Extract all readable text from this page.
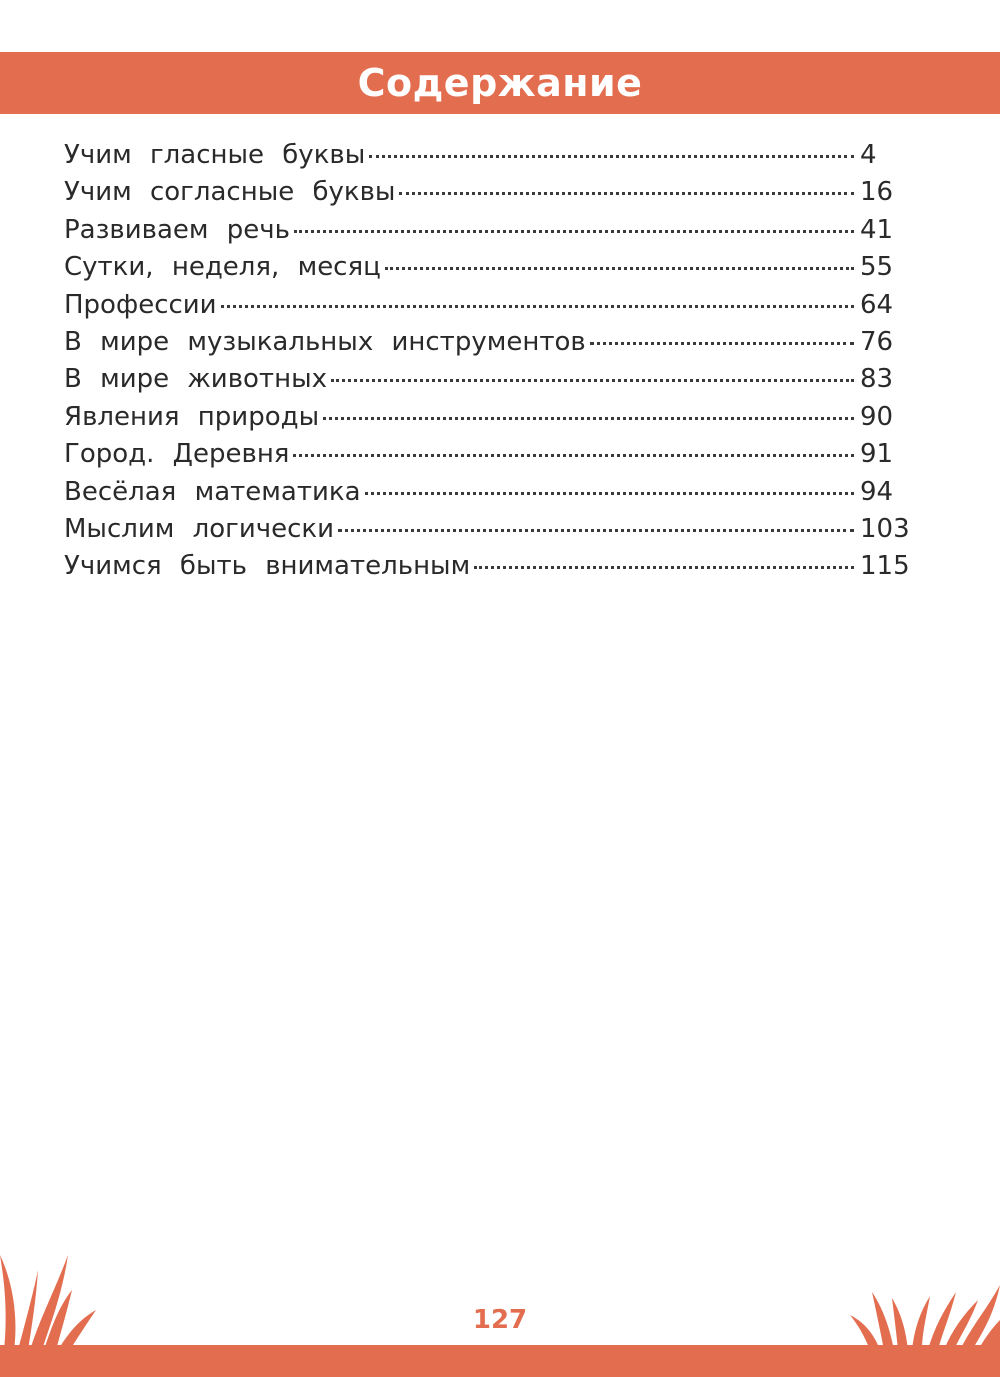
Содержание
Учим гласные буквы	4
Учим согласные буквы	16
Развиваем речь	41
Сутки, неделя, месяц	55
Профессии	64
В мире музыкальных инструментов	76
В мире животных	83
Явления природы	90
Город. Деревня	91
Весёлая математика	94
Мыслим логически	103
Учимся быть внимательным	115
127
